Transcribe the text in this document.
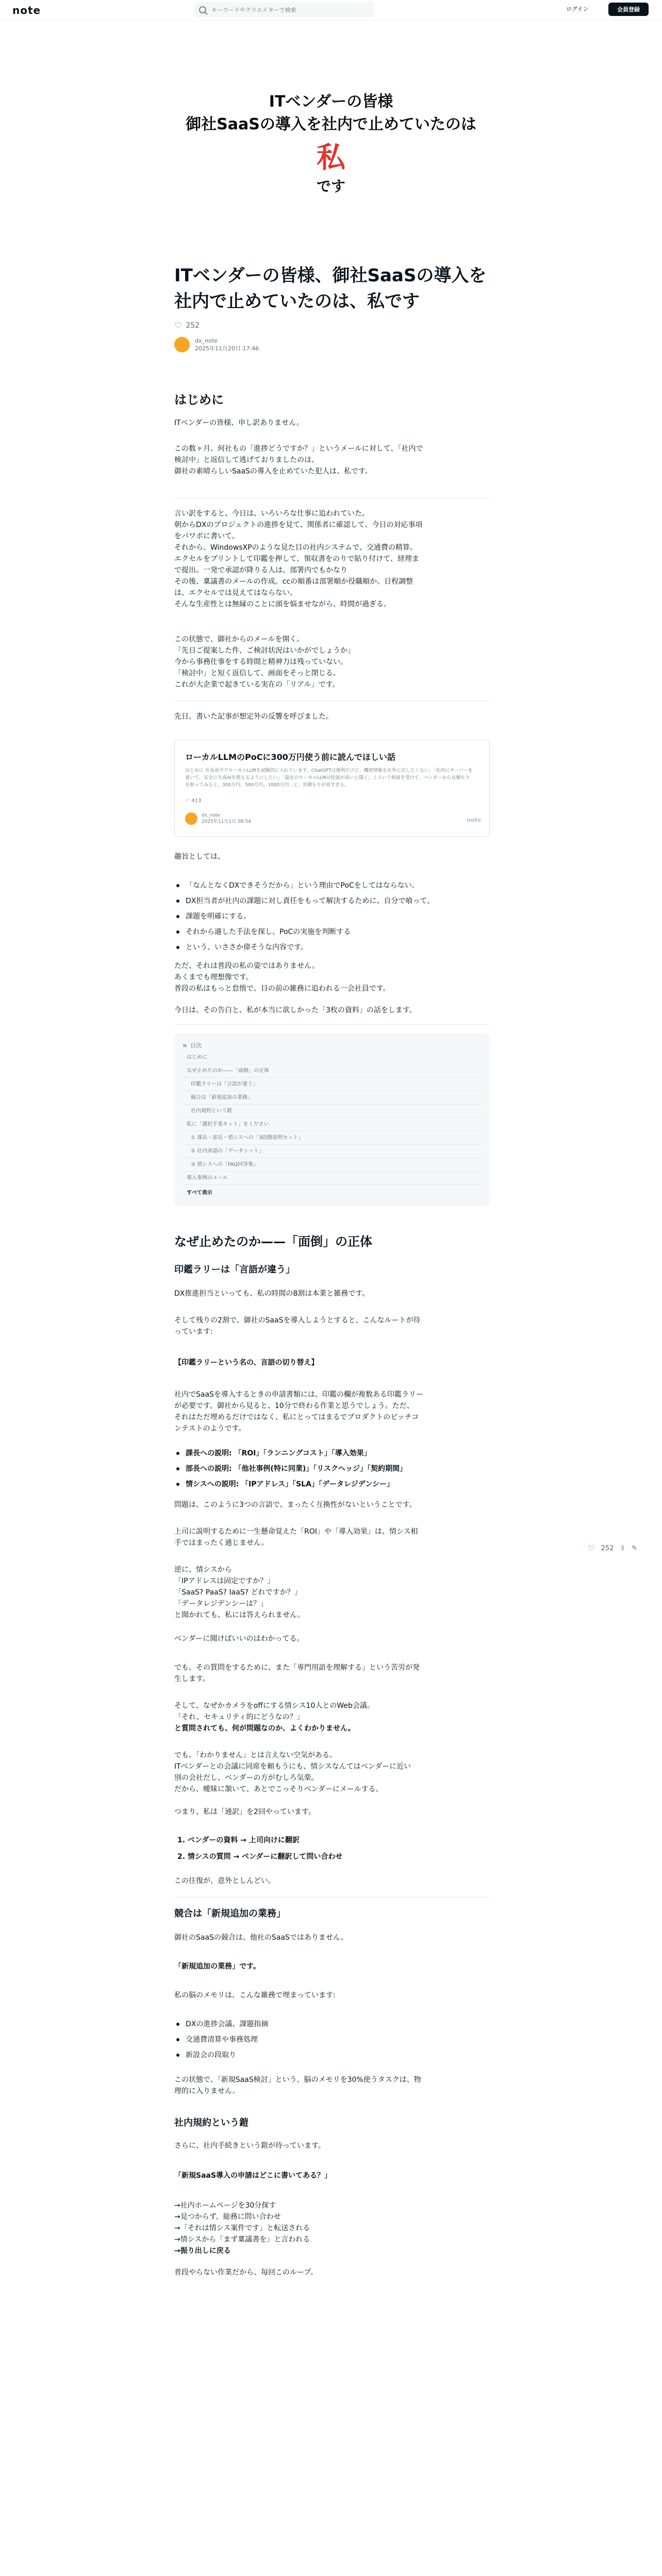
note
キーワードやクリエイターで検索	ログイン	会員登録
ITベンダーの皆様
御社SaaSの導入を社内で止めていたのは
私
です
♡ 252 ⇪ ✎
ITベンダーの皆様、御社SaaSの導入を社内で止めていたのは、私です
♡ 252
dx_note
2025年11月20日 17:46
はじめに
ITベンダーの皆様、申し訳ありません。
この数ヶ月、何社もの「進捗どうですか？」というメールに対して、「社内で
検討中」と返信して逃げておりましたのは、
御社の素晴らしいSaaSの導入を止めていた犯人は、私です。
言い訳をすると、今日は、いろいろな仕事に追われていた。
朝からDXのプロジェクトの進捗を見て、関係者に確認して、今日の対応事項
をパワポに書いて。
それから、WindowsXPのような見た目の社内システムで、交通費の精算。
エクセルをプリントして印鑑を押して、領収書をのりで貼り付けて、経理ま
で提出。一発で承認が降りる人は、部署内でもかなり
その後、稟議書のメールの作成。ccの順番は部署順か役職順か。日程調整
は、エクセルでは見えてはならない。
そんな生産性とは無縁のことに頭を悩ませながら、時間が過ぎる。
この状態で、御社からのメールを開く。
「先日ご提案した件、ご検討状況はいかがでしょうか」
今から事務仕事をする時間と精神力は残っていない。
「検討中」と短く返信して、画面をそっと閉じる。
これが大企業で起きている実在の「リアル」です。
先日、書いた記事が想定外の反響を呼びました。
ローカルLLMのPoCに300万円使う前に読んでほしい話
はじめに 社長命令でローカルLLMを試験的に入れています。ChatGPTは便利だけど、機密情報を社外に出したくない。「社内にサーバーを置いて、安全に生成AIを使えるようにしたい」「最近のローカルLLMは性能が高いと聞く」こういう相談を受けて、ベンダーから見積もりを取ってみると、300万円、500万円、1000万円...と、見積もりが高すぎる。
♡ 413
dx_note
2025年11月1日 08:54	note
趣旨としては、
「なんとなくDXできそうだから」という理由でPoCをしてはならない。
DX担当者が社内の課題に対し責任をもって解決するために、自分で喰って、
課題を明確にする。
それから適した手法を探し、PoCの実施を判断する
という、いささか偉そうな内容です。
ただ、それは普段の私の姿ではありません。
あくまでも理想像です。
普段の私はもっと怠惰で、目の前の雑務に追われる一会社員です。
今日は、その告白と、私が本当に欲しかった「3枚の資料」の話をします。
≡ 目次
はじめに
なぜ止めたのか——「面倒」の正体
印鑑ラリーは「言語が違う」
競合は「新規追加の業務」
社内規約という鎧
私に「選択手業キット」をください
① 課長・部長・情シスへの「3段階説明セット」
② 社内承認の「データシート」
③ 情シスへの「FAQ回答集」
導入事例のメール
すべて表示
なぜ止めたのか——「面倒」の正体
印鑑ラリーは「言語が違う」
DX推進担当といっても、私の時間の8割は本業と雑務です。
そして残りの2割で、御社のSaaSを導入しようとすると、こんなルートが待
っています:
【印鑑ラリーという名の、言語の切り替え】
社内でSaaSを導入するときの申請書類には、印鑑の欄が複数ある印鑑ラリー
が必要です。御社から見ると、10分で終わる作業と思うでしょう。ただ、
それはただ埋めるだけではなく、私にとってはまるでプロダクトのピッチコ
ンテストのようです。
課長への説明: 「ROI」「ランニングコスト」「導入効果」
部長への説明: 「他社事例(特に同業)」「リスクヘッジ」「契約期間」
情シスへの説明: 「IPアドレス」「SLA」「データレジデンシー」
問題は、このように3つの言語で、まったく互換性がないということです。
上司に説明するために一生懸命覚えた「ROI」や「導入効果」は、情シス相
手ではまったく通じません。
逆に、情シスから
「IPアドレスは固定ですか？」
「SaaS? PaaS? IaaS? どれですか？」
「データレジデンシーは？」
と聞かれても、私には答えられません。
ベンダーに聞けばいいのはわかってる。
でも、その質問をするために、また「専門用語を理解する」という苦労が発
生します。
そして、なぜかカメラをoffにする情シス10人とのWeb会議。
「それ、セキュリティ的にどうなの？」
と質問されても、何が問題なのか、よくわかりません。
でも、「わかりません」とは言えない空気がある。
ITベンダーとの会議に同席を頼もうにも、情シスなんてはベンダーに近い
別の会社だし、ベンダーの方がむしろ気楽。
だから、曖昧に頷いて、あとでこっそりベンダーにメールする。
つまり、私は「通訳」を2回やっています。
1. ベンダーの資料 → 上司向けに翻訳
2. 情シスの質問 → ベンダーに翻訳して問い合わせ
この往復が、意外としんどい。
競合は「新規追加の業務」
御社のSaaSの競合は、他社のSaaSではありません。
「新規追加の業務」です。
私の脳のメモリは、こんな雑務で埋まっています:
DXの進捗会議、課題指摘
交通費清算や事務処理
新設会の段取り
この状態で、「新規SaaS検討」という、脳のメモリを30%使うタスクは、物
理的に入りません。
社内規約という鎧
さらに、社内手続きという鎧が待っています。
「新規SaaS導入の申請はどこに書いてある？」
→社内ホームページを30分探す
→見つからず、総務に問い合わせ
→「それは情シス案件です」と転送される
→情シスから「まず稟議書を」と言われる
→振り出しに戻る
普段やらない作業だから、毎回このループ。
